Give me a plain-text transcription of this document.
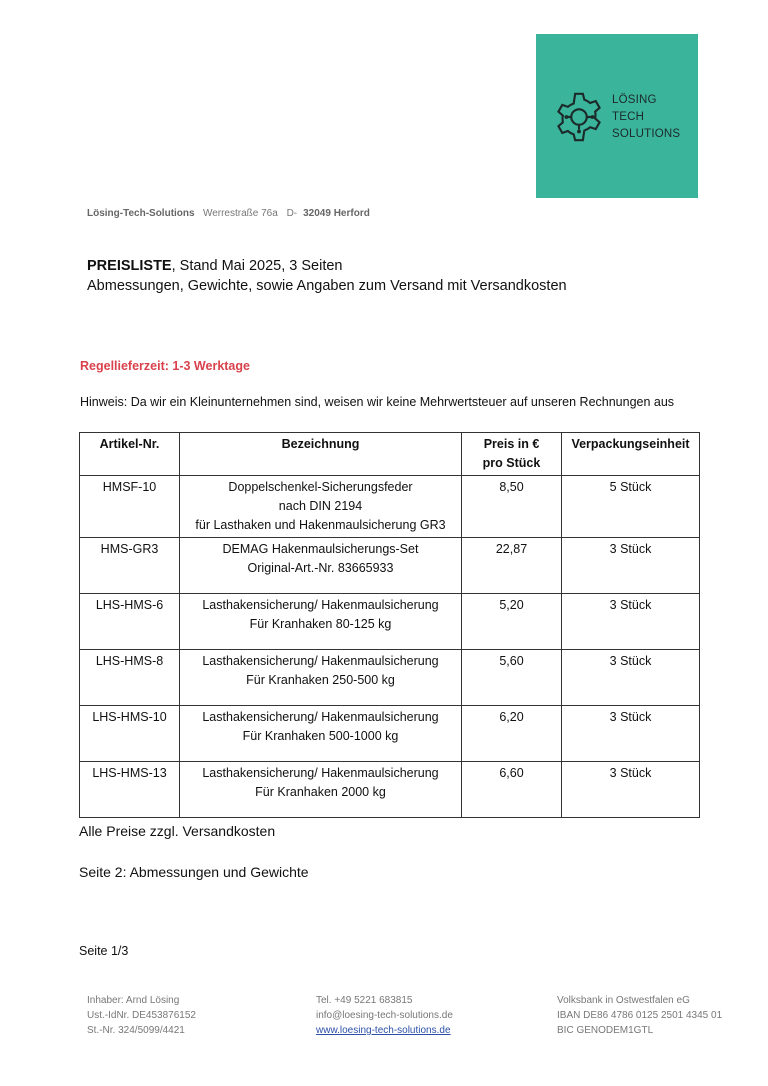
LÖSING
TECH
SOLUTIONS
Lösing-Tech-Solutions Werrestraße 76a D- 32049 Herford
PREISLISTE, Stand Mai 2025, 3 Seiten
Abmessungen, Gewichte, sowie Angaben zum Versand mit Versandkosten
Regellieferzeit: 1-3 Werktage
Hinweis: Da wir ein Kleinunternehmen sind, weisen wir keine Mehrwertsteuer auf unseren Rechnungen aus
Artikel-Nr.	Bezeichnung	Preis in €
pro Stück	Verpackungseinheit
HMSF-10	Doppelschenkel-Sicherungsfeder
nach DIN 2194
für Lasthaken und Hakenmaulsicherung GR3	8,50	5 Stück
HMS-GR3	DEMAG Hakenmaulsicherungs-Set
Original-Art.-Nr. 83665933	22,87	3 Stück
LHS-HMS-6	Lasthakensicherung/ Hakenmaulsicherung
Für Kranhaken 80-125 kg	5,20	3 Stück
LHS-HMS-8	Lasthakensicherung/ Hakenmaulsicherung
Für Kranhaken 250-500 kg	5,60	3 Stück
LHS-HMS-10	Lasthakensicherung/ Hakenmaulsicherung
Für Kranhaken 500-1000 kg	6,20	3 Stück
LHS-HMS-13	Lasthakensicherung/ Hakenmaulsicherung
Für Kranhaken 2000 kg	6,60	3 Stück
Alle Preise zzgl. Versandkosten
Seite 2: Abmessungen und Gewichte
Seite 1/3
Inhaber: Arnd Lösing
Ust.-IdNr. DE453876152
St.-Nr. 324/5099/4421
Tel. +49 5221 683815
info@loesing-tech-solutions.de
www.loesing-tech-solutions.de
Volksbank in Ostwestfalen eG
IBAN DE86 4786 0125 2501 4345 01
BIC GENODEM1GTL
